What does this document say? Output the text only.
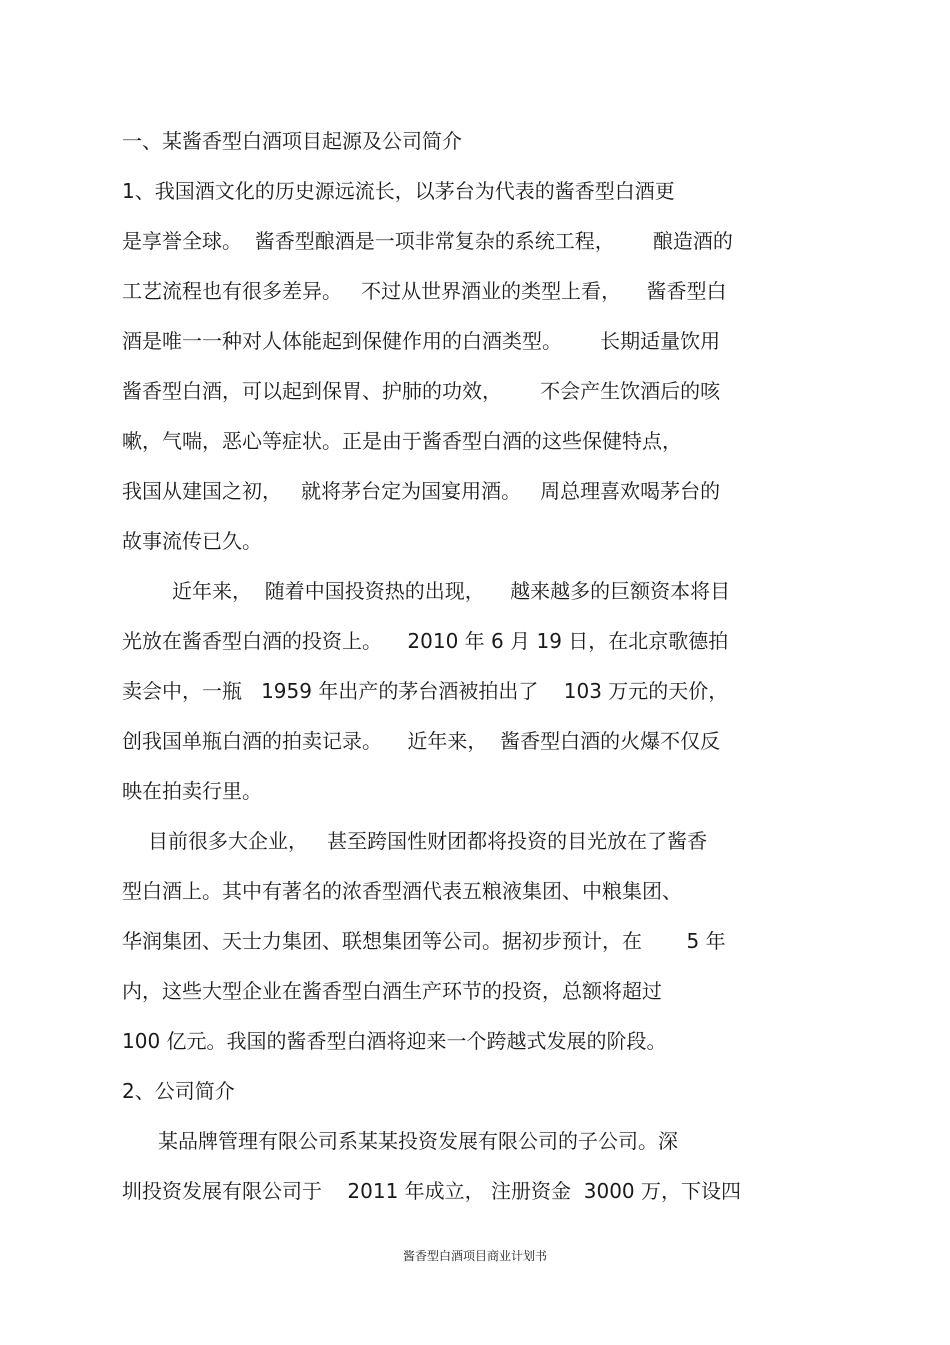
一、某酱香型白酒项目起源及公司简介
1、我国酒文化的历史源远流长，以茅台为代表的酱香型白酒更
是享誉全球。  酱香型酿酒是一项非常复杂的系统工程，      酿造酒的
工艺流程也有很多差异。   不过从世界酒业的类型上看，    酱香型白
酒是唯一一种对人体能起到保健作用的白酒类型。      长期适量饮用
酱香型白酒，可以起到保胃、护肺的功效，      不会产生饮酒后的咳
嗽，气喘，恶心等症状。正是由于酱香型白酒的这些保健特点，
我国从建国之初，   就将茅台定为国宴用酒。   周总理喜欢喝茅台的
故事流传已久。
近年来，  随着中国投资热的出现，    越来越多的巨额资本将目
光放在酱香型白酒的投资上。    2010 年 6 月 19 日，在北京歌德拍
卖会中，一瓶   1959 年出产的茅台酒被拍出了    103 万元的天价，
创我国单瓶白酒的拍卖记录。    近年来，  酱香型白酒的火爆不仅反
映在拍卖行里。
目前很多大企业，   甚至跨国性财团都将投资的目光放在了酱香
型白酒上。其中有著名的浓香型酒代表五粮液集团、中粮集团、
华润集团、天士力集团、联想集团等公司。据初步预计，在       5 年
内，这些大型企业在酱香型白酒生产环节的投资，总额将超过
100 亿元。我国的酱香型白酒将迎来一个跨越式发展的阶段。
2、公司简介
某品牌管理有限公司系某某投资发展有限公司的子公司。深
圳投资发展有限公司于    2011 年成立， 注册资金  3000 万，下设四
酱香型白酒项目商业计划书
